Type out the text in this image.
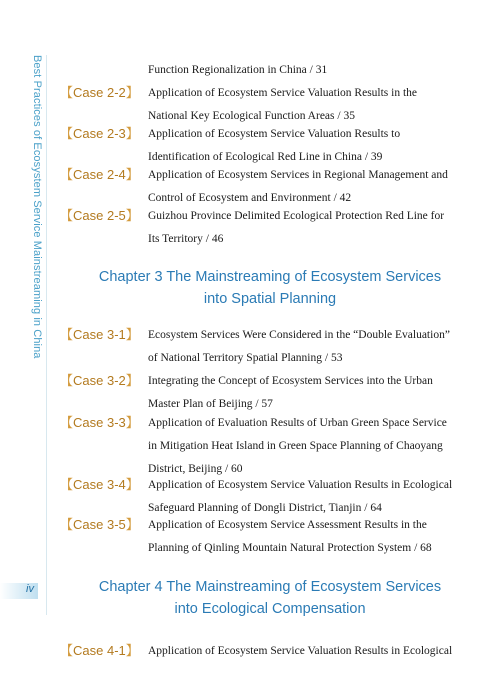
Best Practices of Ecosystem Service Mainstreaming in China
iv
Function Regionalization in China / 31
【Case 2-2】 Application of Ecosystem Service Valuation Results in the
National Key Ecological Function Areas / 35
【Case 2-3】 Application of Ecosystem Service Valuation Results to
Identification of Ecological Red Line in China / 39
【Case 2-4】 Application of Ecosystem Services in Regional Management and
Control of Ecosystem and Environment / 42
【Case 2-5】 Guizhou Province Delimited Ecological Protection Red Line for
Its Territory / 46
Chapter 3 The Mainstreaming of Ecosystem Services
into Spatial Planning
【Case 3-1】 Ecosystem Services Were Considered in the “Double Evaluation”
of National Territory Spatial Planning / 53
【Case 3-2】 Integrating the Concept of Ecosystem Services into the Urban
Master Plan of Beijing / 57
【Case 3-3】 Application of Evaluation Results of Urban Green Space Service
in Mitigation Heat Island in Green Space Planning of Chaoyang
District, Beijing / 60
【Case 3-4】 Application of Ecosystem Service Valuation Results in Ecological
Safeguard Planning of Dongli District, Tianjin / 64
【Case 3-5】 Application of Ecosystem Service Assessment Results in the
Planning of Qinling Mountain Natural Protection System / 68
Chapter 4 The Mainstreaming of Ecosystem Services
into Ecological Compensation
【Case 4-1】 Application of Ecosystem Service Valuation Results in Ecological
